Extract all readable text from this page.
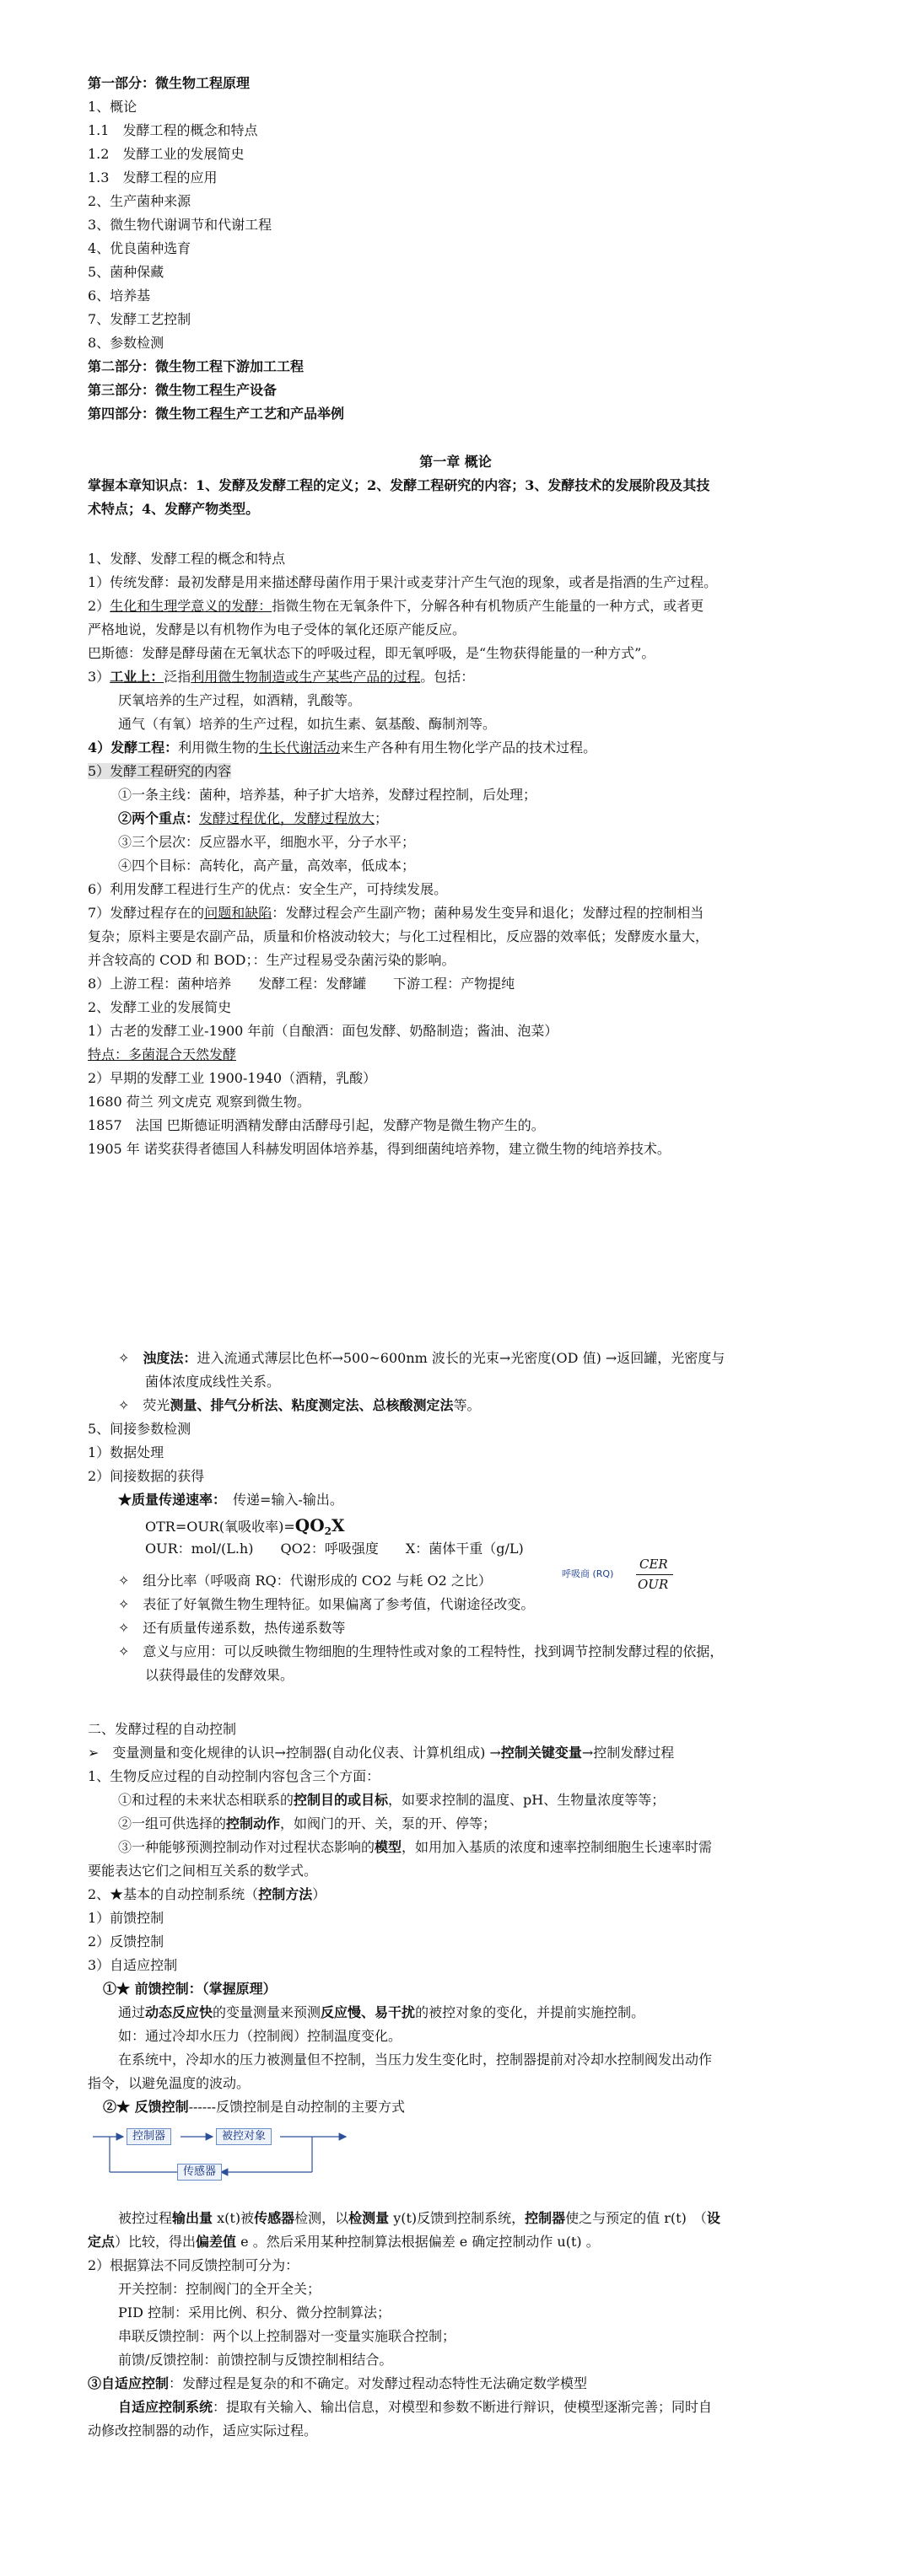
第一部分：微生物工程原理
1、概论
1.1　发酵工程的概念和特点
1.2　发酵工业的发展简史
1.3　发酵工程的应用
2、生产菌种来源
3、微生物代谢调节和代谢工程
4、优良菌种选育
5、菌种保藏
6、培养基
7、发酵工艺控制
8、参数检测
第二部分：微生物工程下游加工工程
第三部分：微生物工程生产设备
第四部分：微生物工程生产工艺和产品举例
第一章 概论
掌握本章知识点：1、发酵及发酵工程的定义；2、发酵工程研究的内容；3、发酵技术的发展阶段及其技
术特点；4、发酵产物类型。
1、发酵、发酵工程的概念和特点
1）传统发酵：最初发酵是用来描述酵母菌作用于果汁或麦芽汁产生气泡的现象，或者是指酒的生产过程。
2）生化和生理学意义的发酵：指微生物在无氧条件下，分解各种有机物质产生能量的一种方式，或者更
严格地说，发酵是以有机物作为电子受体的氧化还原产能反应。
巴斯德：发酵是酵母菌在无氧状态下的呼吸过程，即无氧呼吸，是“生物获得能量的一种方式”。
3）工业上：泛指利用微生物制造或生产某些产品的过程。包括：
厌氧培养的生产过程，如酒精，乳酸等。
通气（有氧）培养的生产过程，如抗生素、氨基酸、酶制剂等。
4）发酵工程：利用微生物的生长代谢活动来生产各种有用生物化学产品的技术过程。
5）发酵工程研究的内容
①一条主线：菌种，培养基，种子扩大培养，发酵过程控制，后处理；
②两个重点：发酵过程优化，发酵过程放大；
③三个层次：反应器水平，细胞水平，分子水平；
④四个目标：高转化，高产量，高效率，低成本；
6）利用发酵工程进行生产的优点：安全生产，可持续发展。
7）发酵过程存在的问题和缺陷：发酵过程会产生副产物；菌种易发生变异和退化；发酵过程的控制相当
复杂；原料主要是农副产品，质量和价格波动较大；与化工过程相比，反应器的效率低；发酵废水量大，
并含较高的 COD 和 BOD；：生产过程易受杂菌污染的影响。
8）上游工程：菌种培养　　发酵工程：发酵罐　　下游工程：产物提纯
2、发酵工业的发展简史
1）古老的发酵工业-1900 年前（自酿酒：面包发酵、奶酪制造；酱油、泡菜）
特点：多菌混合天然发酵
2）早期的发酵工业 1900-1940（酒精，乳酸）
1680 荷兰 列文虎克 观察到微生物。
1857　法国 巴斯德证明酒精发酵由活酵母引起，发酵产物是微生物产生的。
1905 年 诺奖获得者德国人科赫发明固体培养基，得到细菌纯培养物，建立微生物的纯培养技术。
✧　浊度法：进入流通式薄层比色杯→500~600nm 波长的光束→光密度(OD 值) →返回罐，光密度与
菌体浓度成线性关系。
✧　荧光测量、排气分析法、粘度测定法、总核酸测定法等。
5、间接参数检测
1）数据处理
2）间接数据的获得
★质量传递速率：　 传递=输入-输出。
OTR=OUR(氧吸收率)$=QO_2X$
OUR：mol/(L.h)　　QO2：呼吸强度　　X：菌体干重（g/L)
✧　组分比率（呼吸商 RQ：代谢形成的 CO2 与耗 O2 之比）	呼吸商 (RQ)
CER
OUR
✧　表征了好氧微生物生理特征。如果偏离了参考值，代谢途径改变。
✧　还有质量传递系数，热传递系数等
✧　意义与应用：可以反映微生物细胞的生理特性或对象的工程特性，找到调节控制发酵过程的依据，
以获得最佳的发酵效果。
二、发酵过程的自动控制
➢　变量测量和变化规律的认识→控制器(自动化仪表、计算机组成) →控制关键变量→控制发酵过程
1、生物反应过程的自动控制内容包含三个方面：
①和过程的未来状态相联系的控制目的或目标，如要求控制的温度、pH、生物量浓度等等；
②一组可供选择的控制动作，如阀门的开、关，泵的开、停等；
③一种能够预测控制动作对过程状态影响的模型，如用加入基质的浓度和速率控制细胞生长速率时需
要能表达它们之间相互关系的数学式。
2、★基本的自动控制系统（控制方法）
1）前馈控制
2）反馈控制
3）自适应控制
①★ 前馈控制：（掌握原理）
通过动态反应快的变量测量来预测反应慢、易干扰的被控对象的变化，并提前实施控制。
如：通过冷却水压力（控制阀）控制温度变化。
在系统中，冷却水的压力被测量但不控制，当压力发生变化时，控制器提前对冷却水控制阀发出动作
指令，以避免温度的波动。
②★ 反馈控制------反馈控制是自动控制的主要方式
控制器	被控对象
传感器
被控过程输出量 x(t)被传感器检测，以检测量 y(t)反馈到控制系统，控制器使之与预定的值 r(t)　（设
定点）比较，得出偏差值 e 。然后采用某种控制算法根据偏差 e 确定控制动作 u(t) 。
2）根据算法不同反馈控制可分为：
开关控制：控制阀门的全开全关；
PID 控制：采用比例、积分、微分控制算法；
串联反馈控制：两个以上控制器对一变量实施联合控制；
前馈/反馈控制：前馈控制与反馈控制相结合。
③自适应控制：发酵过程是复杂的和不确定。对发酵过程动态特性无法确定数学模型
自适应控制系统：提取有关输入、输出信息，对模型和参数不断进行辩识，使模型逐渐完善；同时自
动修改控制器的动作，适应实际过程。
